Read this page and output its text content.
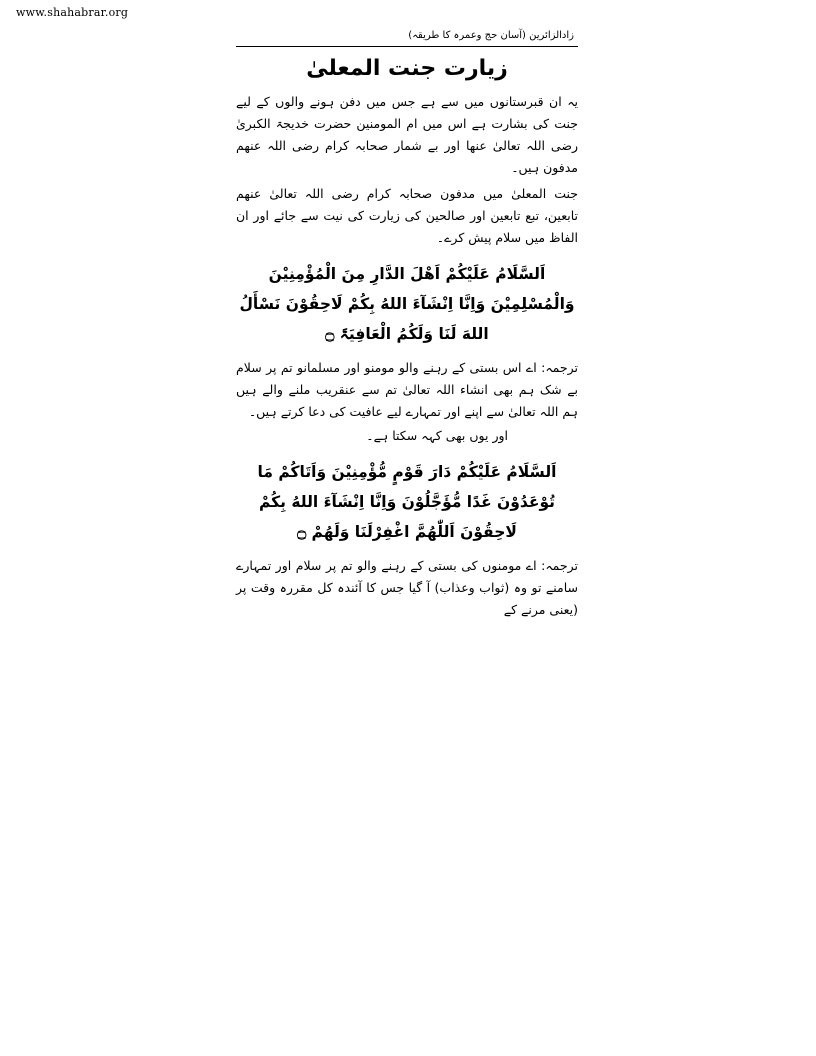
www.shahabrar.org
زادالزائرین (آسان حج وعمرہ کا طریقہ)
زیارت جنت المعلیٰ

یہ ان قبرستانوں میں سے ہے جس میں دفن ہونے والوں کے لیے جنت کی بشارت ہے اس میں ام المومنین حضرت خدیجۃ الکبریٰ رضی اللہ تعالیٰ عنھا اور بے شمار صحابہ کرام رضی اللہ عنھم مدفون ہیں۔

جنت المعلیٰ میں مدفون صحابہ کرام رضی اللہ تعالیٰ عنھم تابعین، تبع تابعین اور صالحین کی زیارت کی نیت سے جائے اور ان الفاظ میں سلام پیش کرے۔

اَلسَّلَامُ عَلَیْکُمْ اَھْلَ الدَّارِ مِنَ الْمُؤْمِنِیْنَ
وَالْمُسْلِمِیْنَ وَاِنَّا اِنْشَآءَ اللهُ بِکُمْ لَاحِقُوْنَ نَسْأَلُ
اللهَ لَنَا وَلَکُمُ الْعَافِیَۃَ ۝

ترجمہ: اے اس بستی کے رہنے والو مومنو اور مسلمانو تم پر سلام بے شک ہم بھی انشاء اللہ تعالیٰ تم سے عنقریب ملنے والے ہیں ہم اللہ تعالیٰ سے اپنے اور تمہارے لیے عافیت کی دعا کرتے ہیں۔

اور یوں بھی کہہ سکتا ہے۔

اَلسَّلَامُ عَلَیْکُمْ دَارَ قَوْمٍ مُّؤْمِنِیْنَ وَاَتَاکُمْ مَا
تُوْعَدُوْنَ غَدًا مُّؤَجَّلُوْنَ وَاِنَّا اِنْشَآءَ اللهُ بِکُمْ
لَاحِقُوْنَ اَللّٰھُمَّ اغْفِرْلَنَا وَلَھُمْ ۝

ترجمہ: اے مومنوں کی بستی کے رہنے والو تم پر سلام اور تمہارے سامنے تو وہ (ثواب وعذاب) آ گیا جس کا آئندہ کل مقررہ وقت پر (یعنی مرنے کے
